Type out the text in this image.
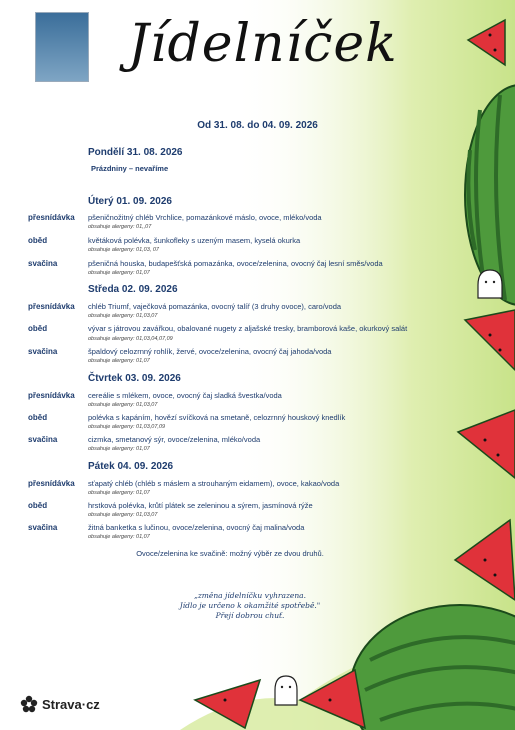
Jídelníček
Od 31. 08. do 04. 09. 2026
Pondělí 31. 08. 2026
Prázdniny – nevaříme
Úterý 01. 09. 2026
přesnídávka pšeničnožitný chléb Vrchlice, pomazánkové máslo, ovoce, mléko/voda
obsahuje alergeny: 01,,07
oběd	květáková polévka, šunkofleky s uzeným masem, kyselá okurka
obsahuje alergeny: 01,03, 07
svačina	pšeničná houska, budapešťská pomazánka, ovoce/zelenina, ovocný čaj lesní směs/voda
obsahuje alergeny: 01,07
Středa 02. 09. 2026
přesnídávka chléb Triumf, vaječková pomazánka, ovocný talíř (3 druhy ovoce), caro/voda
obsahuje alergeny: 01,03,07
oběd	vývar s játrovou zavářkou, obalované nugety z aljašské tresky, bramborová kaše, okurkový salát
obsahuje alergeny: 01,03,04,07,09
svačina	špaldový celozrnný rohlík, žervé, ovoce/zelenina, ovocný čaj jahoda/voda
obsahuje alergeny: 01,07
Čtvrtek 03. 09. 2026
přesnídávka cereálie s mlékem, ovoce, ovocný čaj sladká švestka/voda
obsahuje alergeny: 01,03,07
oběd	polévka s kapáním, hovězí svíčková na smetaně, celozrnný houskový knedlík
obsahuje alergeny: 01,03,07,09
svačina	cizmka, smetanový sýr, ovoce/zelenina, mléko/voda
obsahuje alergeny: 01,07
Pátek 04. 09. 2026
přesnídávka sťapatý chléb (chléb s máslem a strouhaným eidamem), ovoce, kakao/voda
obsahuje alergeny: 01,07
oběd	hrstková polévka, krůtí plátek se zeleninou a sýrem, jasmínová rýže
obsahuje alergeny: 01,03,07
svačina	žitná banketka s lučinou, ovoce/zelenina, ovocný čaj malina/voda
obsahuje alergeny: 01,07
Ovoce/zelenina ke svačině: možný výběr ze dvou druhů.
„změna jídelníčku vyhrazena.
Jídlo je určeno k okamžité spotřebě."
Přejí dobrou chuť.
Strava·cz
